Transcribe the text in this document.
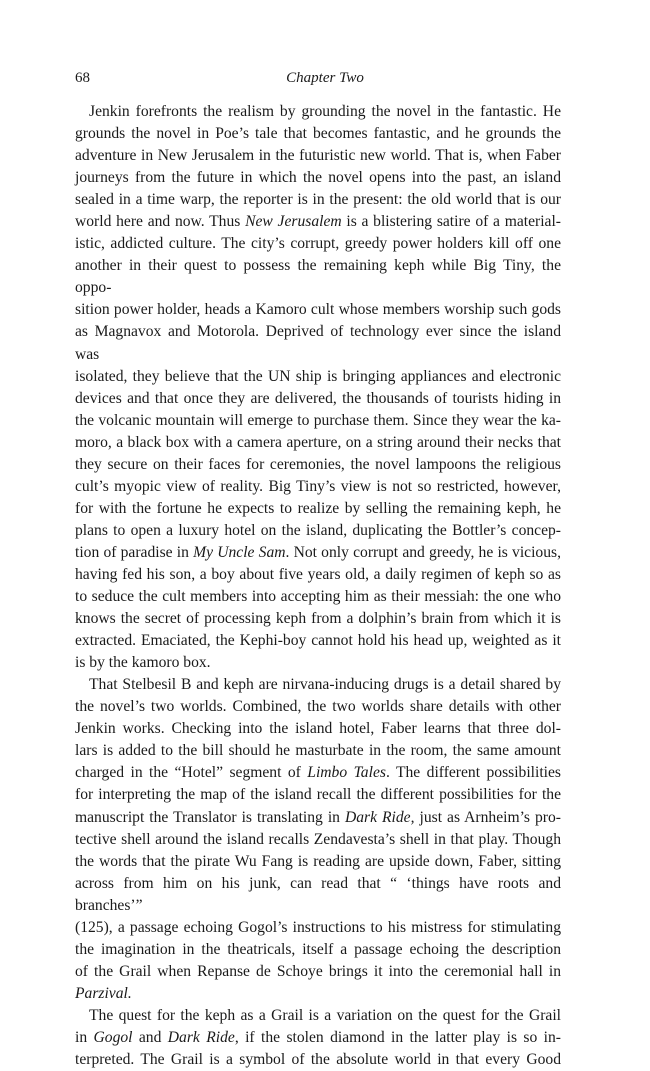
68	Chapter Two
Jenkin forefronts the realism by grounding the novel in the fantastic. He
grounds the novel in Poe’s tale that becomes fantastic, and he grounds the
adventure in New Jerusalem in the futuristic new world. That is, when Faber
journeys from the future in which the novel opens into the past, an island
sealed in a time warp, the reporter is in the present: the old world that is our
world here and now. Thus New Jerusalem is a blistering satire of a material-
istic, addicted culture. The city’s corrupt, greedy power holders kill off one
another in their quest to possess the remaining keph while Big Tiny, the oppo-
sition power holder, heads a Kamoro cult whose members worship such gods
as Magnavox and Motorola. Deprived of technology ever since the island was
isolated, they believe that the UN ship is bringing appliances and electronic
devices and that once they are delivered, the thousands of tourists hiding in
the volcanic mountain will emerge to purchase them. Since they wear the ka-
moro, a black box with a camera aperture, on a string around their necks that
they secure on their faces for ceremonies, the novel lampoons the religious
cult’s myopic view of reality. Big Tiny’s view is not so restricted, however,
for with the fortune he expects to realize by selling the remaining keph, he
plans to open a luxury hotel on the island, duplicating the Bottler’s concep-
tion of paradise in My Uncle Sam. Not only corrupt and greedy, he is vicious,
having fed his son, a boy about five years old, a daily regimen of keph so as
to seduce the cult members into accepting him as their messiah: the one who
knows the secret of processing keph from a dolphin’s brain from which it is
extracted. Emaciated, the Kephi-boy cannot hold his head up, weighted as it
is by the kamoro box.
That Stelbesil B and keph are nirvana-inducing drugs is a detail shared by
the novel’s two worlds. Combined, the two worlds share details with other
Jenkin works. Checking into the island hotel, Faber learns that three dol-
lars is added to the bill should he masturbate in the room, the same amount
charged in the “Hotel” segment of Limbo Tales. The different possibilities
for interpreting the map of the island recall the different possibilities for the
manuscript the Translator is translating in Dark Ride, just as Arnheim’s pro-
tective shell around the island recalls Zendavesta’s shell in that play. Though
the words that the pirate Wu Fang is reading are upside down, Faber, sitting
across from him on his junk, can read that “ ‘things have roots and branches’”
(125), a passage echoing Gogol’s instructions to his mistress for stimulating
the imagination in the theatricals, itself a passage echoing the description
of the Grail when Repanse de Schoye brings it into the ceremonial hall in
Parzival.
The quest for the keph as a Grail is a variation on the quest for the Grail
in Gogol and Dark Ride, if the stolen diamond in the latter play is so in-
terpreted. The Grail is a symbol of the absolute world in that every Good
